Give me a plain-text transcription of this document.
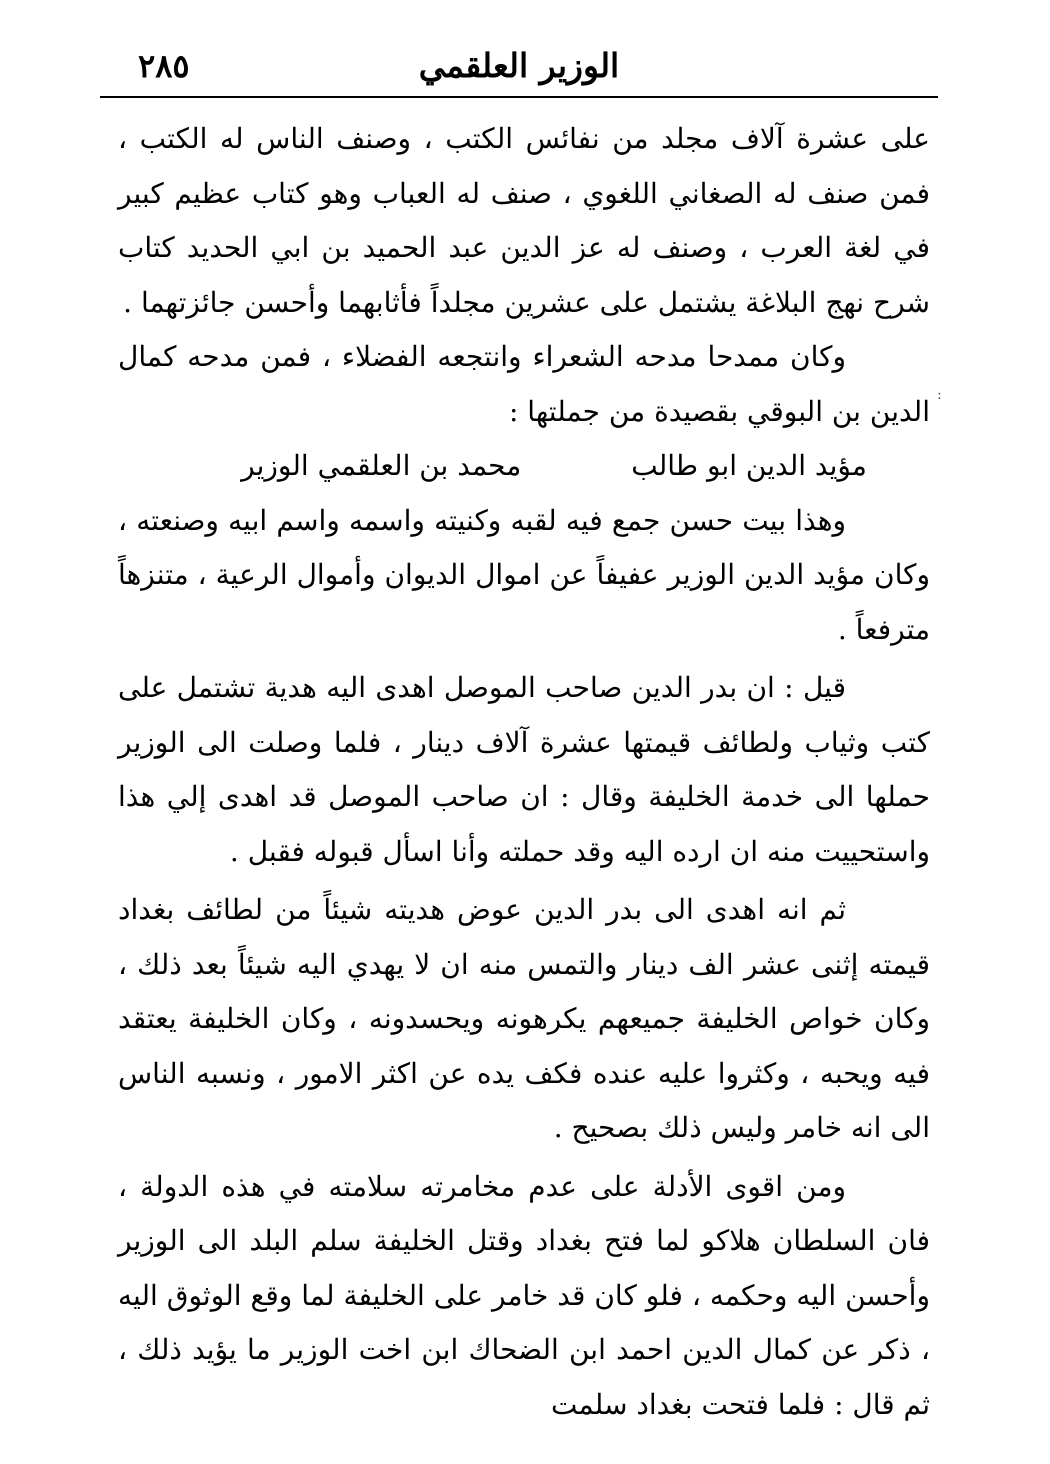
الوزير العلقمي
٢٨٥
:

على عشرة آلاف مجلد من نفائس الكتب ، وصنف الناس له الكتب ، فمن صنف له الصغاني اللغوي ، صنف له العباب وهو كتاب عظيم كبير في لغة العرب ، وصنف له عز الدين عبد الحميد بن ابي الحديد كتاب شرح نهج البلاغة يشتمل على عشرين مجلداً فأثابهما وأحسن جائزتهما .

وكان ممدحا مدحه الشعراء وانتجعه الفضلاء ، فمن مدحه كمال الدين بن البوقي بقصيدة من جملتها :

مؤيد الدين ابو طالب
محمد بن العلقمي الوزير

وهذا بيت حسن جمع فيه لقبه وكنيته واسمه واسم ابيه وصنعته ، وكان مؤيد الدين الوزير عفيفاً عن اموال الديوان وأموال الرعية ، متنزهاً مترفعاً .

قيل : ان بدر الدين صاحب الموصل اهدى اليه هدية تشتمل على كتب وثياب ولطائف قيمتها عشرة آلاف دينار ، فلما وصلت الى الوزير حملها الى خدمة الخليفة وقال : ان صاحب الموصل قد اهدى إلي هذا واستحييت منه ان ارده اليه وقد حملته وأنا اسأل قبوله فقبل .

ثم انه اهدى الى بدر الدين عوض هديته شيئاً من لطائف بغداد قيمته إثنى عشر الف دينار والتمس منه ان لا يهدي اليه شيئاً بعد ذلك ، وكان خواص الخليفة جميعهم يكرهونه ويحسدونه ، وكان الخليفة يعتقد فيه ويحبه ، وكثروا عليه عنده فكف يده عن اكثر الامور ، ونسبه الناس الى انه خامر وليس ذلك بصحيح .

ومن اقوى الأدلة على عدم مخامرته سلامته في هذه الدولة ، فان السلطان هلاكو لما فتح بغداد وقتل الخليفة سلم البلد الى الوزير وأحسن اليه وحكمه ، فلو كان قد خامر على الخليفة لما وقع الوثوق اليه ، ذكر عن كمال الدين احمد ابن الضحاك ابن اخت الوزير ما يؤيد ذلك ، ثم قال : فلما فتحت بغداد سلمت
